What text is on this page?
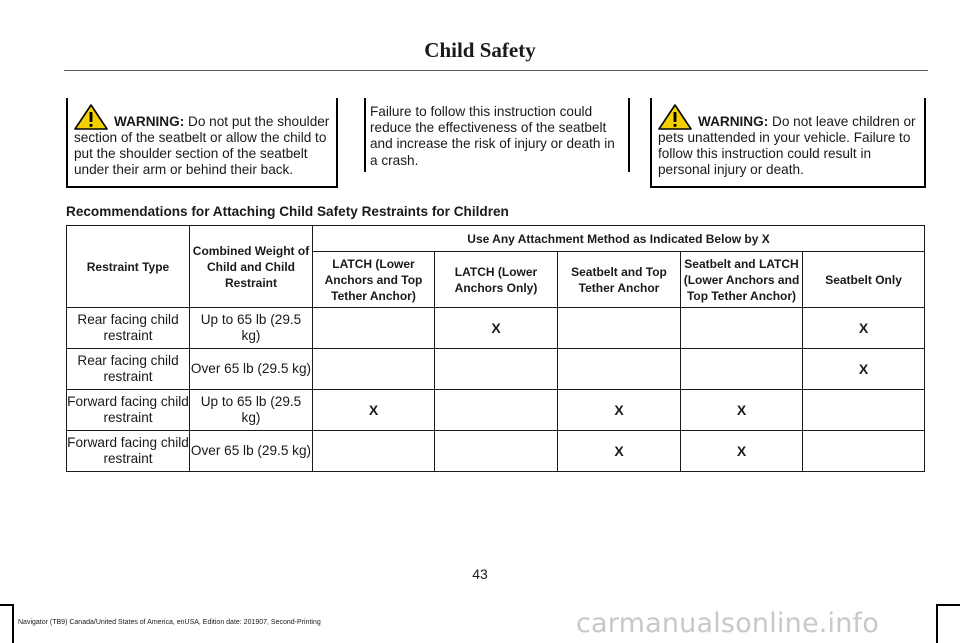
Child Safety
WARNING: Do not put the shoulder

section of the seatbelt or allow the child to put the shoulder section of the seatbelt under their arm or behind their back.

Failure to follow this instruction could reduce the effectiveness of the seatbelt and increase the risk of injury or death in a crash.

WARNING: Do not leave children or

pets unattended in your vehicle. Failure to follow this instruction could result in personal injury or death.

Recommendations for Attaching Child Safety Restraints for Children
Restraint Type	Combined Weight of Child and Child Restraint	Use Any Attachment Method as Indicated Below by X				
		LATCH (Lower Anchors and Top Tether Anchor)	LATCH (Lower Anchors Only)	Seatbelt and Top Tether Anchor	Seatbelt and LATCH (Lower Anchors and Top Tether Anchor)	Seatbelt Only
Rear facing child restraint	Up to 65 lb (29.5 kg)		X			X
Rear facing child restraint	Over 65 lb (29.5 kg)					X
Forward facing child restraint	Up to 65 lb (29.5 kg)	X		X	X	
Forward facing child restraint	Over 65 lb (29.5 kg)			X	X	
43
Navigator (TB9) Canada/United States of America, enUSA, Edition date: 201907, Second-Printing	carmanualsonline.info
